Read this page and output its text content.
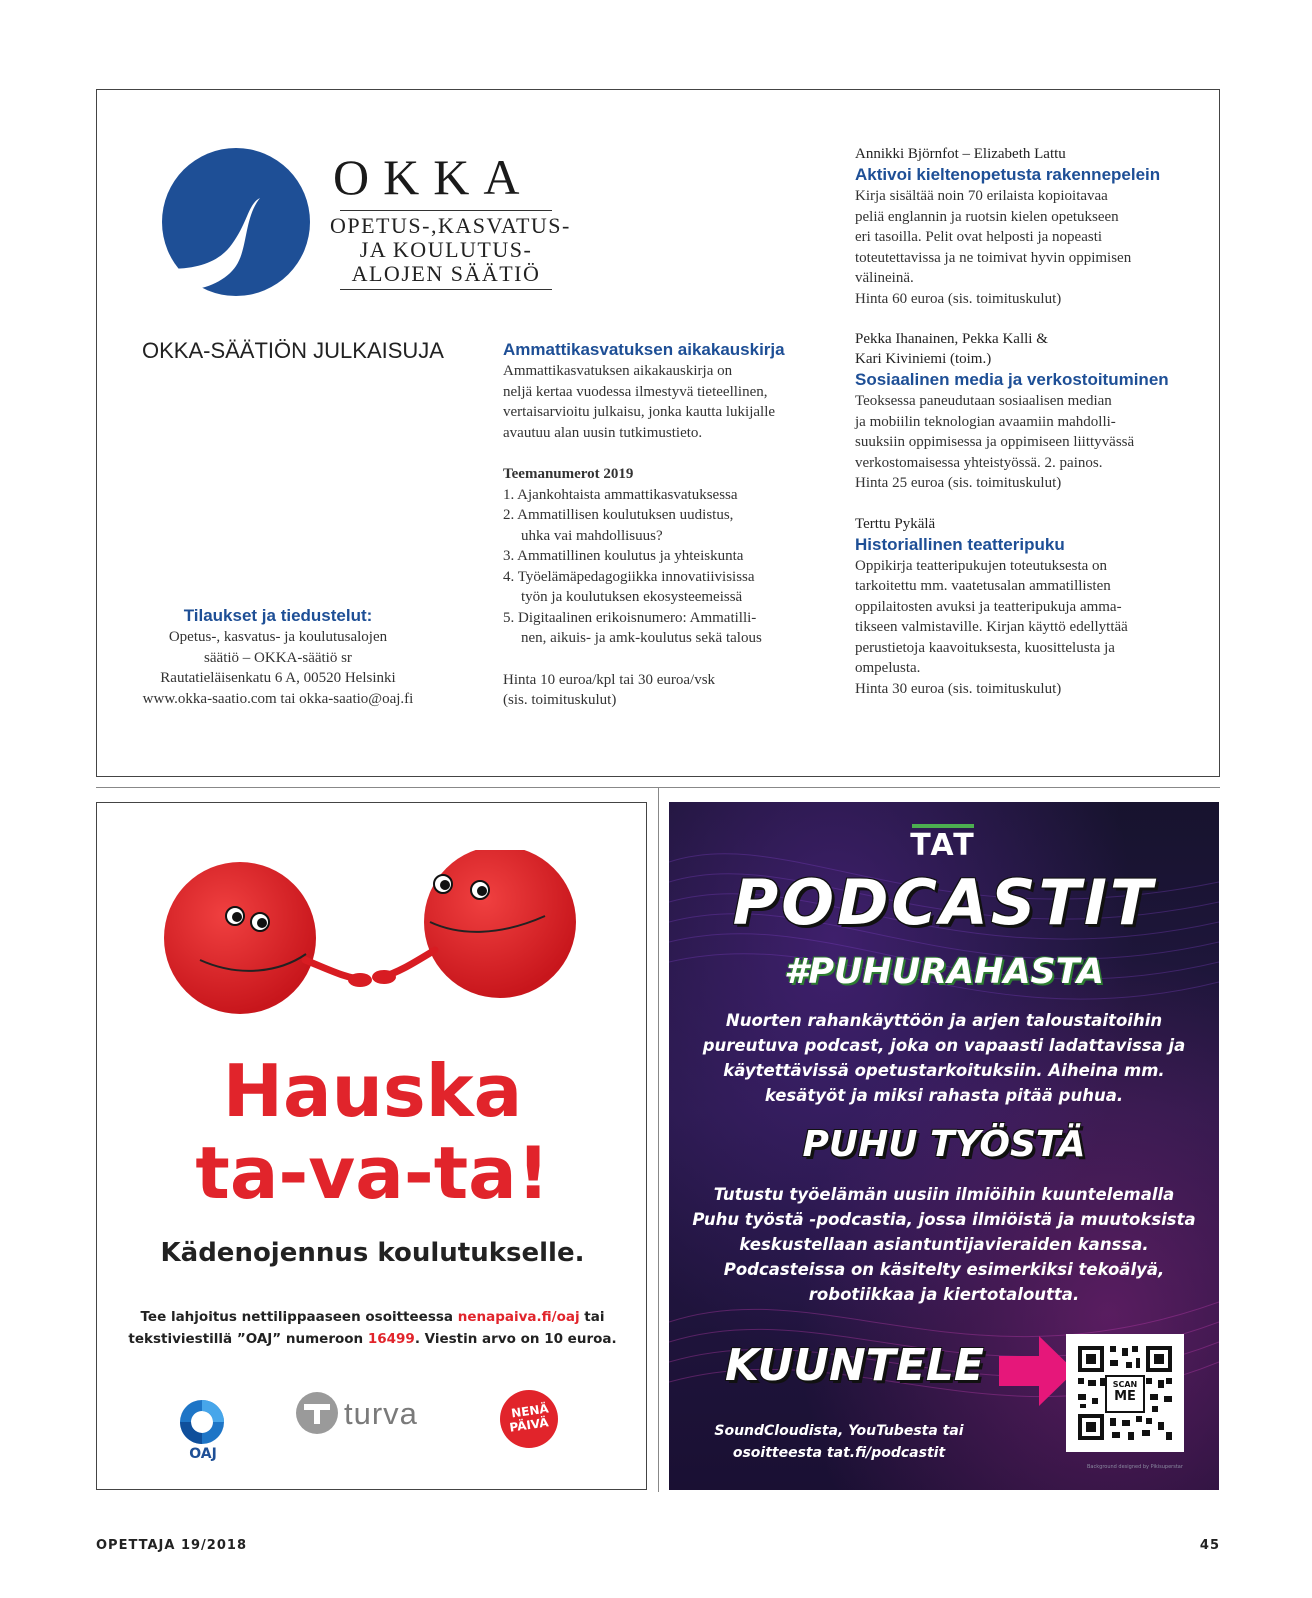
OKKA
OPETUS-,KASVATUS-
JA KOULUTUS-
ALOJEN SÄÄTIÖ
OKKA-SÄÄTIÖN JULKAISUJA
Tilaukset ja tiedustelut:
Opetus-, kasvatus- ja koulutusalojen
säätiö – OKKA-säätiö sr
Rautatieläisenkatu 6 A, 00520 Helsinki
www.okka-saatio.com tai okka-saatio@oaj.fi
Ammattikasvatuksen aikakauskirja
Ammattikasvatuksen aikakauskirja on
neljä kertaa vuodessa ilmestyvä tieteellinen,
vertaisarvioitu julkaisu, jonka kautta lukijalle
avautuu alan uusin tutkimustieto.
Teemanumerot 2019
1. Ajankohtaista ammattikasvatuksessa
2. Ammatillisen koulutuksen uudistus,
uhka vai mahdollisuus?
3. Ammatillinen koulutus ja yhteiskunta
4. Työelämäpedagogiikka innovatiivisissa
työn ja koulutuksen ekosysteemeissä
5. Digitaalinen erikoisnumero: Ammatilli-
nen, aikuis- ja amk-koulutus sekä talous
Hinta 10 euroa/kpl tai 30 euroa/vsk
(sis. toimituskulut)
Annikki Björnfot – Elizabeth Lattu
Aktivoi kieltenopetusta rakennepelein
Kirja sisältää noin 70 erilaista kopioitavaa
peliä englannin ja ruotsin kielen opetukseen
eri tasoilla. Pelit ovat helposti ja nopeasti
toteutettavissa ja ne toimivat hyvin oppimisen
välineinä.
Hinta 60 euroa (sis. toimituskulut)
Pekka Ihanainen, Pekka Kalli &
Kari Kiviniemi (toim.)
Sosiaalinen media ja verkostoituminen
Teoksessa paneudutaan sosiaalisen median
ja mobiilin teknologian avaamiin mahdolli-
suuksiin oppimisessa ja oppimiseen liittyvässä
verkostomaisessa yhteistyössä. 2. painos.
Hinta 25 euroa (sis. toimituskulut)
Terttu Pykälä
Historiallinen teatteripuku
Oppikirja teatteripukujen toteutuksesta on
tarkoitettu mm. vaatetusalan ammatillisten
oppilaitosten avuksi ja teatteripukuja amma-
tikseen valmistaville. Kirjan käyttö edellyttää
perustietoja kaavoituksesta, kuosittelusta ja
ompelusta.
Hinta 30 euroa (sis. toimituskulut)
Hauska
ta-va-ta!
Kädenojennus koulutukselle.
Tee lahjoitus nettilippaaseen osoitteessa nenapaiva.fi/oaj tai
tekstiviestillä ”OAJ” numeroon 16499. Viestin arvo on 10 euroa.
OAJ
turva	NENÄ
PÄIVÄ
TAT
PODCASTIT
#PUHURAHASTA
Nuorten rahankäyttöön ja arjen taloustaitoihin
pureutuva podcast, joka on vapaasti ladattavissa ja
käytettävissä opetustarkoituksiin. Aiheina mm.
kesätyöt ja miksi rahasta pitää puhua.
PUHU TYÖSTÄ
Tutustu työelämän uusiin ilmiöihin kuuntelemalla
Puhu työstä -podcastia, jossa ilmiöistä ja muutoksista
keskustellaan asiantuntijavieraiden kanssa.
Podcasteissa on käsitelty esimerkiksi tekoälyä,
robotiikkaa ja kiertotaloutta.
KUUNTELE
SoundCloudista, YouTubesta tai
osoitteesta tat.fi/podcastit
SCAN
ME
Background designed by Pikisuperstar
OPETTAJA 19/2018	45
